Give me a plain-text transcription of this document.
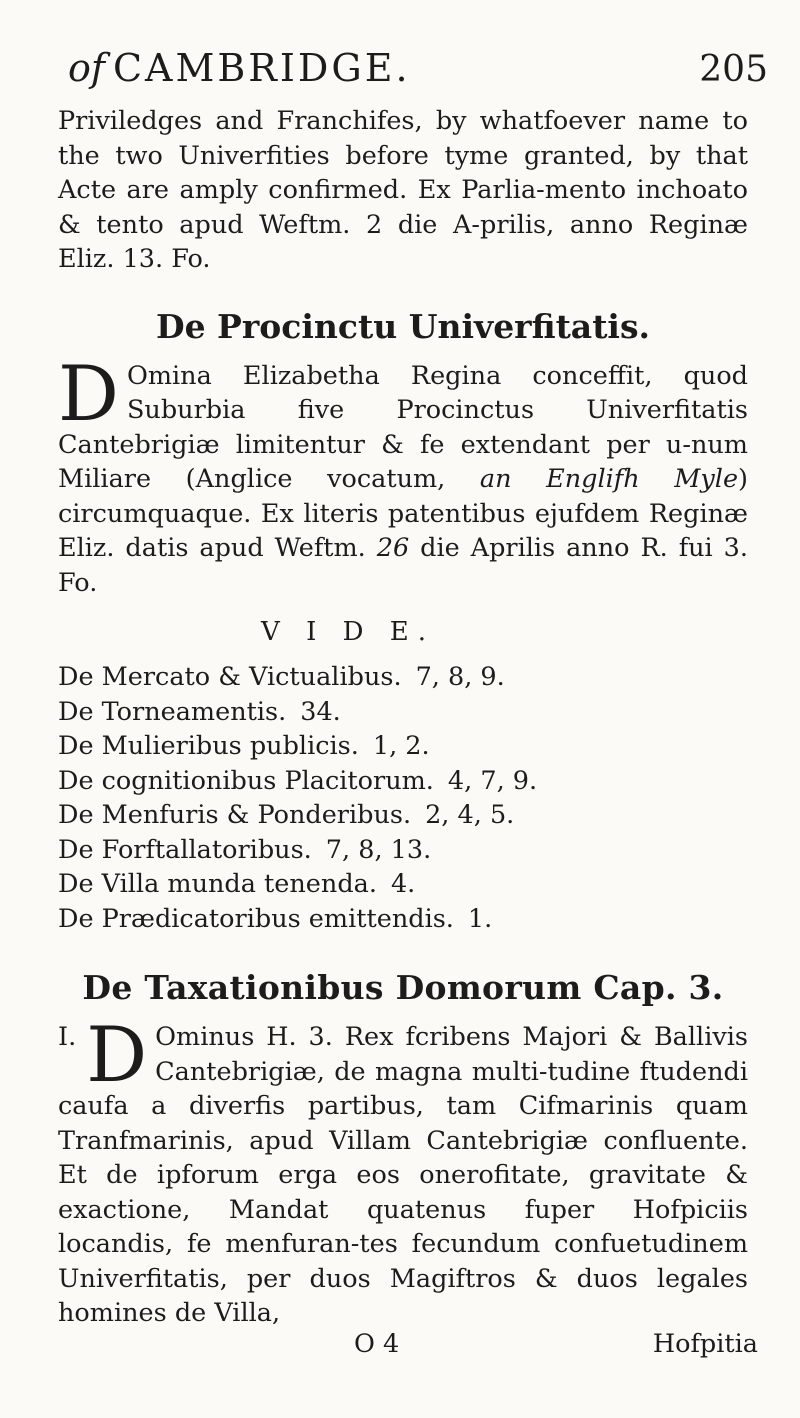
of CAMBRIDGE.	205

Priviledges and Franchifes, by whatfoever name to the two Univerfities before tyme granted, by that Acte are amply confirmed. Ex Parlia-mento inchoato & tento apud Weftm. 2 die A-prilis, anno Reginæ Eliz. 13. Fo.

De Procinctu Univerfitatis.

D Omina Elizabetha Regina conceffit, quod Suburbia five Procinctus Univerfitatis Cantebrigiæ limitentur & fe extendant per u-num Miliare (Anglice vocatum, an Englifh Myle) circumquaque. Ex literis patentibus ejufdem Reginæ Eliz. datis apud Weftm. 26 die Aprilis anno R. fui 3. Fo.

V I D E.
De Mercato & Victualibus. 7, 8, 9.
De Torneamentis. 34.
De Mulieribus publicis. 1, 2.
De cognitionibus Placitorum. 4, 7, 9.
De Menfuris & Ponderibus. 2, 4, 5.
De Forftallatoribus. 7, 8, 13.
De Villa munda tenenda. 4.
De Prædicatoribus emittendis. 1.
De Taxationibus Domorum Cap. 3.

I. D Ominus H. 3. Rex fcribens Majori & Ballivis Cantebrigiæ, de magna multi-tudine ftudendi caufa a diverfis partibus, tam Cifmarinis quam Tranfmarinis, apud Villam Cantebrigiæ confluente. Et de ipforum erga eos onerofitate, gravitate & exactione, Mandat quatenus fuper Hofpiciis locandis, fe menfuran-tes fecundum confuetudinem Univerfitatis, per duos Magiftros & duos legales homines de Villa,

O 4	Hofpitia
